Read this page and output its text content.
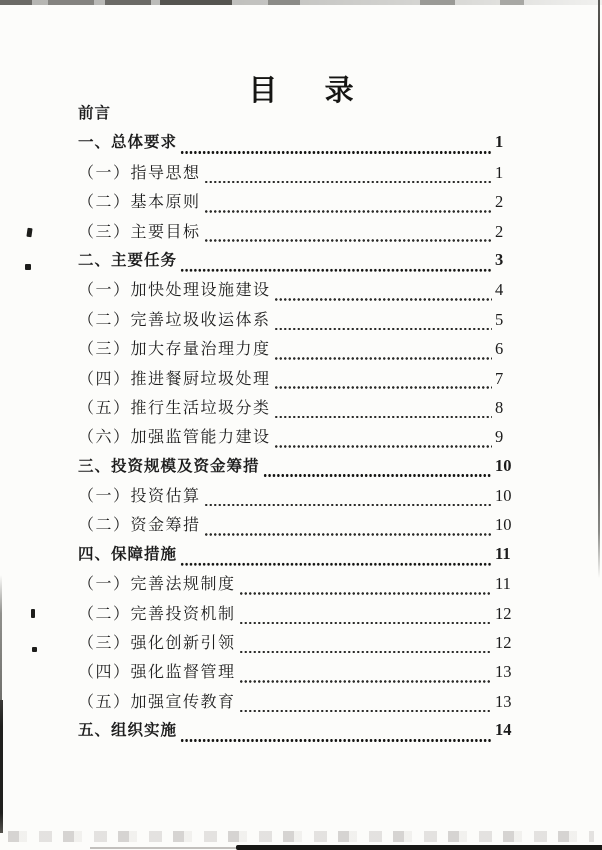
目 录
前言
一、总体要求	1
（一）指导思想	1
（二）基本原则	2
（三）主要目标	2
二、主要任务	3
（一）加快处理设施建设	4
（二）完善垃圾收运体系	5
（三）加大存量治理力度	6
（四）推进餐厨垃圾处理	7
（五）推行生活垃圾分类	8
（六）加强监管能力建设	9
三、投资规模及资金筹措	10
（一）投资估算	10
（二）资金筹措	10
四、保障措施	11
（一）完善法规制度	11
（二）完善投资机制	12
（三）强化创新引领	12
（四）强化监督管理	13
（五）加强宣传教育	13
五、组织实施	14
